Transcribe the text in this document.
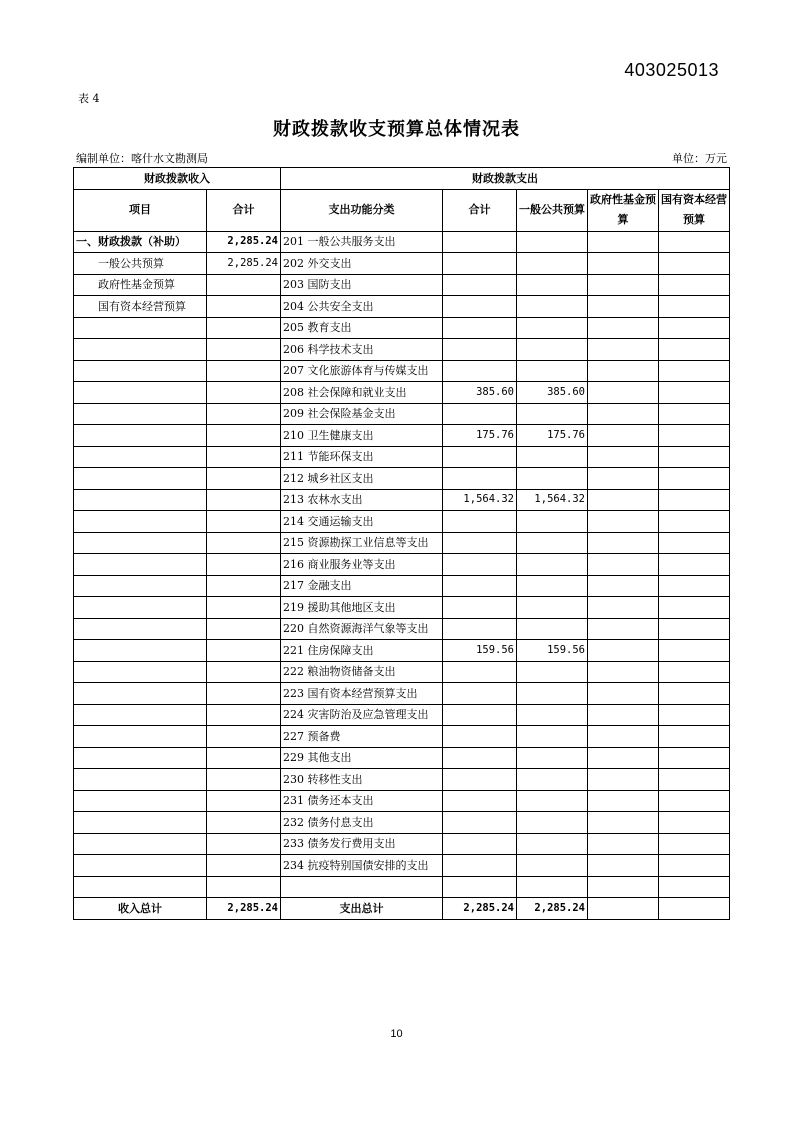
403025013
表 4
财政拨款收支预算总体情况表
编制单位：喀什水文勘测局	单位：万元
财政拨款收入		财政拨款支出				
项目	合计	支出功能分类	合计	一般公共预算	政府性基金预算	国有资本经营预算
一、财政拨款（补助）	2,285.24	201 一般公共服务支出				
一般公共预算	2,285.24	202 外交支出				
政府性基金预算		203 国防支出				
国有资本经营预算		204 公共安全支出				
		205 教育支出				
		206 科学技术支出				
		207 文化旅游体育与传媒支出				
		208 社会保障和就业支出	385.60	385.60		
		209 社会保险基金支出				
		210 卫生健康支出	175.76	175.76		
		211 节能环保支出				
		212 城乡社区支出				
		213 农林水支出	1,564.32	1,564.32		
		214 交通运输支出				
		215 资源勘探工业信息等支出				
		216 商业服务业等支出				
		217 金融支出				
		219 援助其他地区支出				
		220 自然资源海洋气象等支出				
		221 住房保障支出	159.56	159.56		
		222 粮油物资储备支出				
		223 国有资本经营预算支出				
		224 灾害防治及应急管理支出				
		227 预备费				
		229 其他支出				
		230 转移性支出				
		231 债务还本支出				
		232 债务付息支出				
		233 债务发行费用支出				
		234 抗疫特别国债安排的支出				

收入总计	2,285.24	支出总计	2,285.24	2,285.24		
10
